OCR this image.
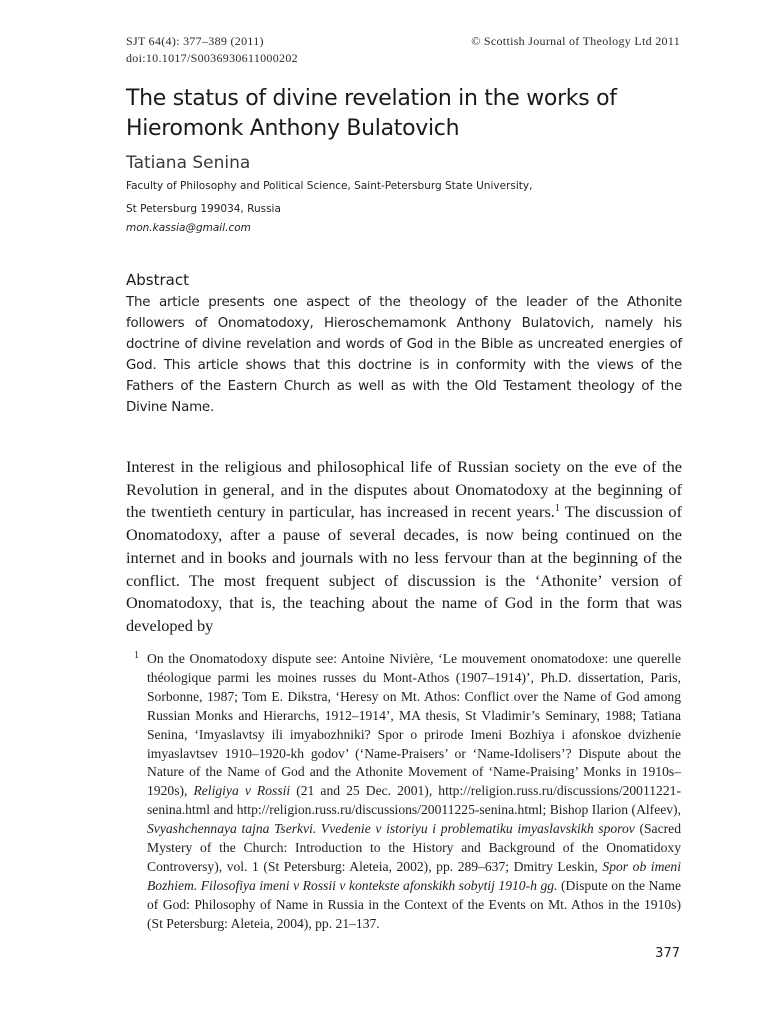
SJT 64(4): 377–389 (2011)	© Scottish Journal of Theology Ltd 2011
doi:10.1017/S0036930611000202
The status of divine revelation in the works of
Hieromonk Anthony Bulatovich
Tatiana Senina
Faculty of Philosophy and Political Science, Saint-Petersburg State University,
St Petersburg 199034, Russia
mon.kassia@gmail.com
Abstract

The article presents one aspect of the theology of the leader of the Athonite followers of Onomatodoxy, Hieroschemamonk Anthony Bulatovich, namely his doctrine of divine revelation and words of God in the Bible as uncreated energies of God. This article shows that this doctrine is in conformity with the views of the Fathers of the Eastern Church as well as with the Old Testament theology of the Divine Name.

Interest in the religious and philosophical life of Russian society on the eve of the Revolution in general, and in the disputes about Onomatodoxy at the beginning of the twentieth century in particular, has increased in recent years.$^1$ The discussion of Onomatodoxy, after a pause of several decades, is now being continued on the internet and in books and journals with no less fervour than at the beginning of the conflict. The most frequent subject of discussion is the ‘Athonite’ version of Onomatodoxy, that is, the teaching about the name of God in the form that was developed by

1 On the Onomatodoxy dispute see: Antoine Nivière, ‘Le mouvement onomatodoxe: une querelle théologique parmi les moines russes du Mont-Athos (1907–1914)’, Ph.D. dissertation, Paris, Sorbonne, 1987; Tom E. Dikstra, ‘Heresy on Mt. Athos: Conflict over the Name of God among Russian Monks and Hierarchs, 1912–1914’, MA thesis, St Vladimir’s Seminary, 1988; Tatiana Senina, ‘Imyaslavtsy ili imyabozhniki? Spor o prirode Imeni Bozhiya i afonskoe dvizhenie imyaslavtsev 1910–1920-kh godov’ (‘Name-Praisers’ or ‘Name-Idolisers’? Dispute about the Nature of the Name of God and the Athonite Movement of ‘Name-Praising’ Monks in 1910s–1920s), Religiya v Rossii (21 and 25 Dec. 2001), http://religion.russ.ru/discussions/20011221-senina.html and http://religion.russ.ru/discussions/20011225-senina.html; Bishop Ilarion (Alfeev), Svyashchennaya tajna Tserkvi. Vvedenie v istoriyu i problematiku imyaslavskikh sporov (Sacred Mystery of the Church: Introduction to the History and Background of the Onomatidoxy Controversy), vol. 1 (St Petersburg: Aleteia, 2002), pp. 289–637; Dmitry Leskin, Spor ob imeni Bozhiem. Filosofiya imeni v Rossii v kontekste afonskikh sobytij 1910-h gg. (Dispute on the Name of God: Philosophy of Name in Russia in the Context of the Events on Mt. Athos in the 1910s) (St Petersburg: Aleteia, 2004), pp. 21–137.

377
